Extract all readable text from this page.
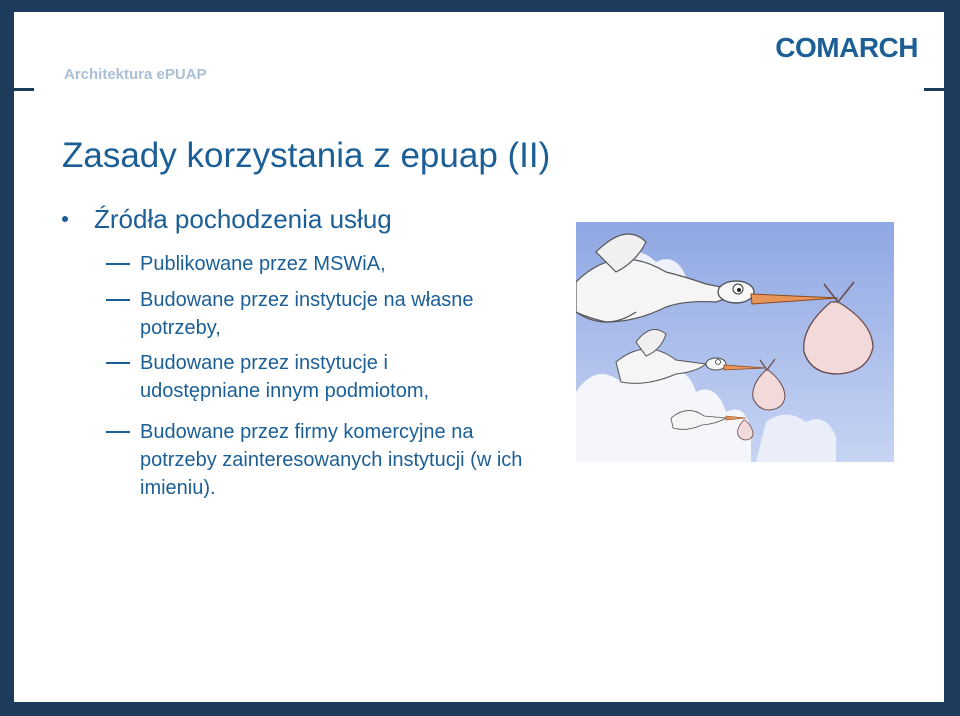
Architektura ePUAP
COMARCH
Zasady korzystania z epuap (II)
Źródła pochodzenia usług
Publikowane przez MSWiA,
Budowane przez instytucje na własne potrzeby,
Budowane przez instytucje i udostępniane innym podmiotom,
Budowane przez firmy komercyjne na potrzeby zainteresowanych instytucji (w ich imieniu).
